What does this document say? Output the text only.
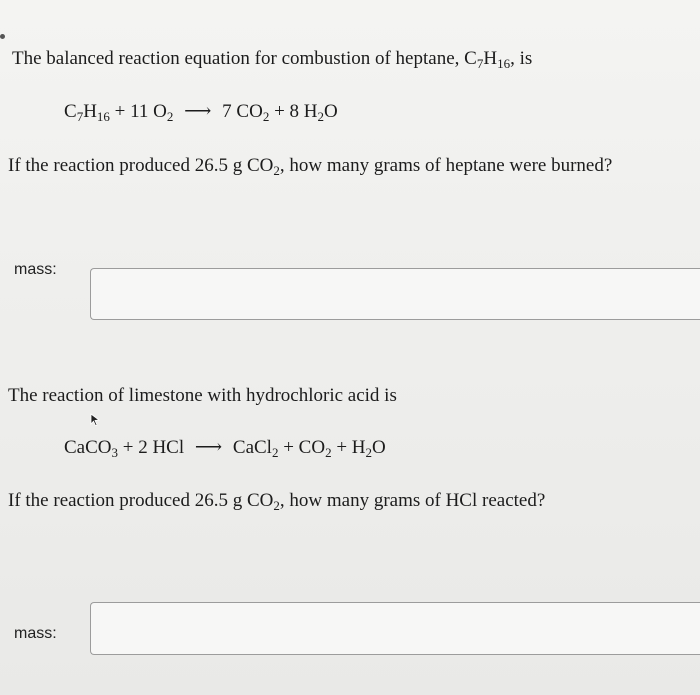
The balanced reaction equation for combustion of heptane, $C_7H_{16}$, is
$C_7H_{16} + 11$ $O_2$ ⟶ 7 $CO_2 + 8$ $H_2O$
If the reaction produced 26.5 g $CO_2$, how many grams of heptane were burned?
mass:
The reaction of limestone with hydrochloric acid is
CaCO$_3$ + 2 HCl ⟶ CaCl$_2$ + $CO_2 + H_2O$
If the reaction produced 26.5 g $CO_2$, how many grams of HCl reacted?
mass:
